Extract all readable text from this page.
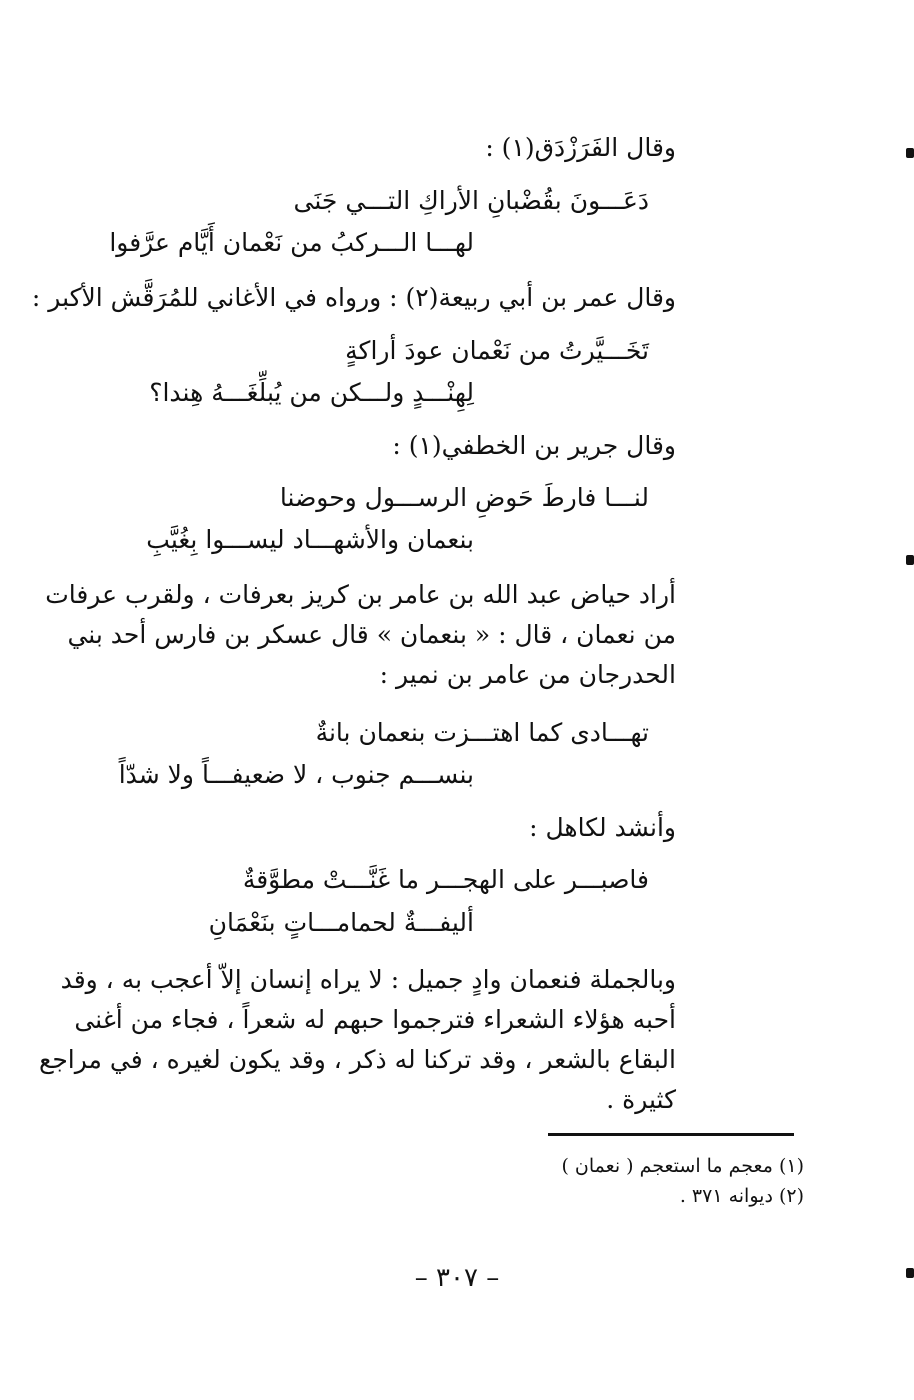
وقال الفَرَزْدَق(١) :
دَعَـــونَ بقُضْبانِ الأراكِ التـــي جَنَى
لهـــا الـــركبُ من نَعْمان أَيَّام عرَّفوا
وقال عمر بن أبي ربيعة(٢) : ورواه في الأغاني للمُرَقَّش الأكبر :
تَخَـــيَّرتُ من نَعْمان عودَ أراكةٍ
لِهِنْـــدٍ ولـــكن من يُبلِّغَـــهُ هِندا؟
وقال جرير بن الخطفي(١) :
لنـــا فارطَ حَوضِ الرســـول وحوضنا
بنعمان والأشهـــاد ليســـوا بِغُيَّبِ
أراد حياض عبد الله بن عامر بن كريز بعرفات ، ولقرب عرفات
من نعمان ، قال : « بنعمان » قال عسكر بن فارس أحد بني
الحدرجان من عامر بن نمير :
تهـــادى كما اهتـــزت بنعمان بانةٌ
بنســـم جنوب ، لا ضعيفـــاً ولا شدّاً
وأنشد لكاهل :
فاصبـــر على الهجـــر ما غَنَّـــتْ مطوَّقةٌ
أليفـــةٌ لحمامـــاتٍ بنَعْمَانِ
وبالجملة فنعمان وادٍ جميل : لا يراه إنسان إلاّ أعجب به ، وقد
أحبه هؤلاء الشعراء فترجموا حبهم له شعراً ، فجاء من أغنى
البقاع بالشعر ، وقد تركنا له ذكر ، وقد يكون لغيره ، في مراجع
كثيرة .
(١) معجم ما استعجم ( نعمان )
(٢) ديوانه ٣٧١ .
– ٣٠٧ –
